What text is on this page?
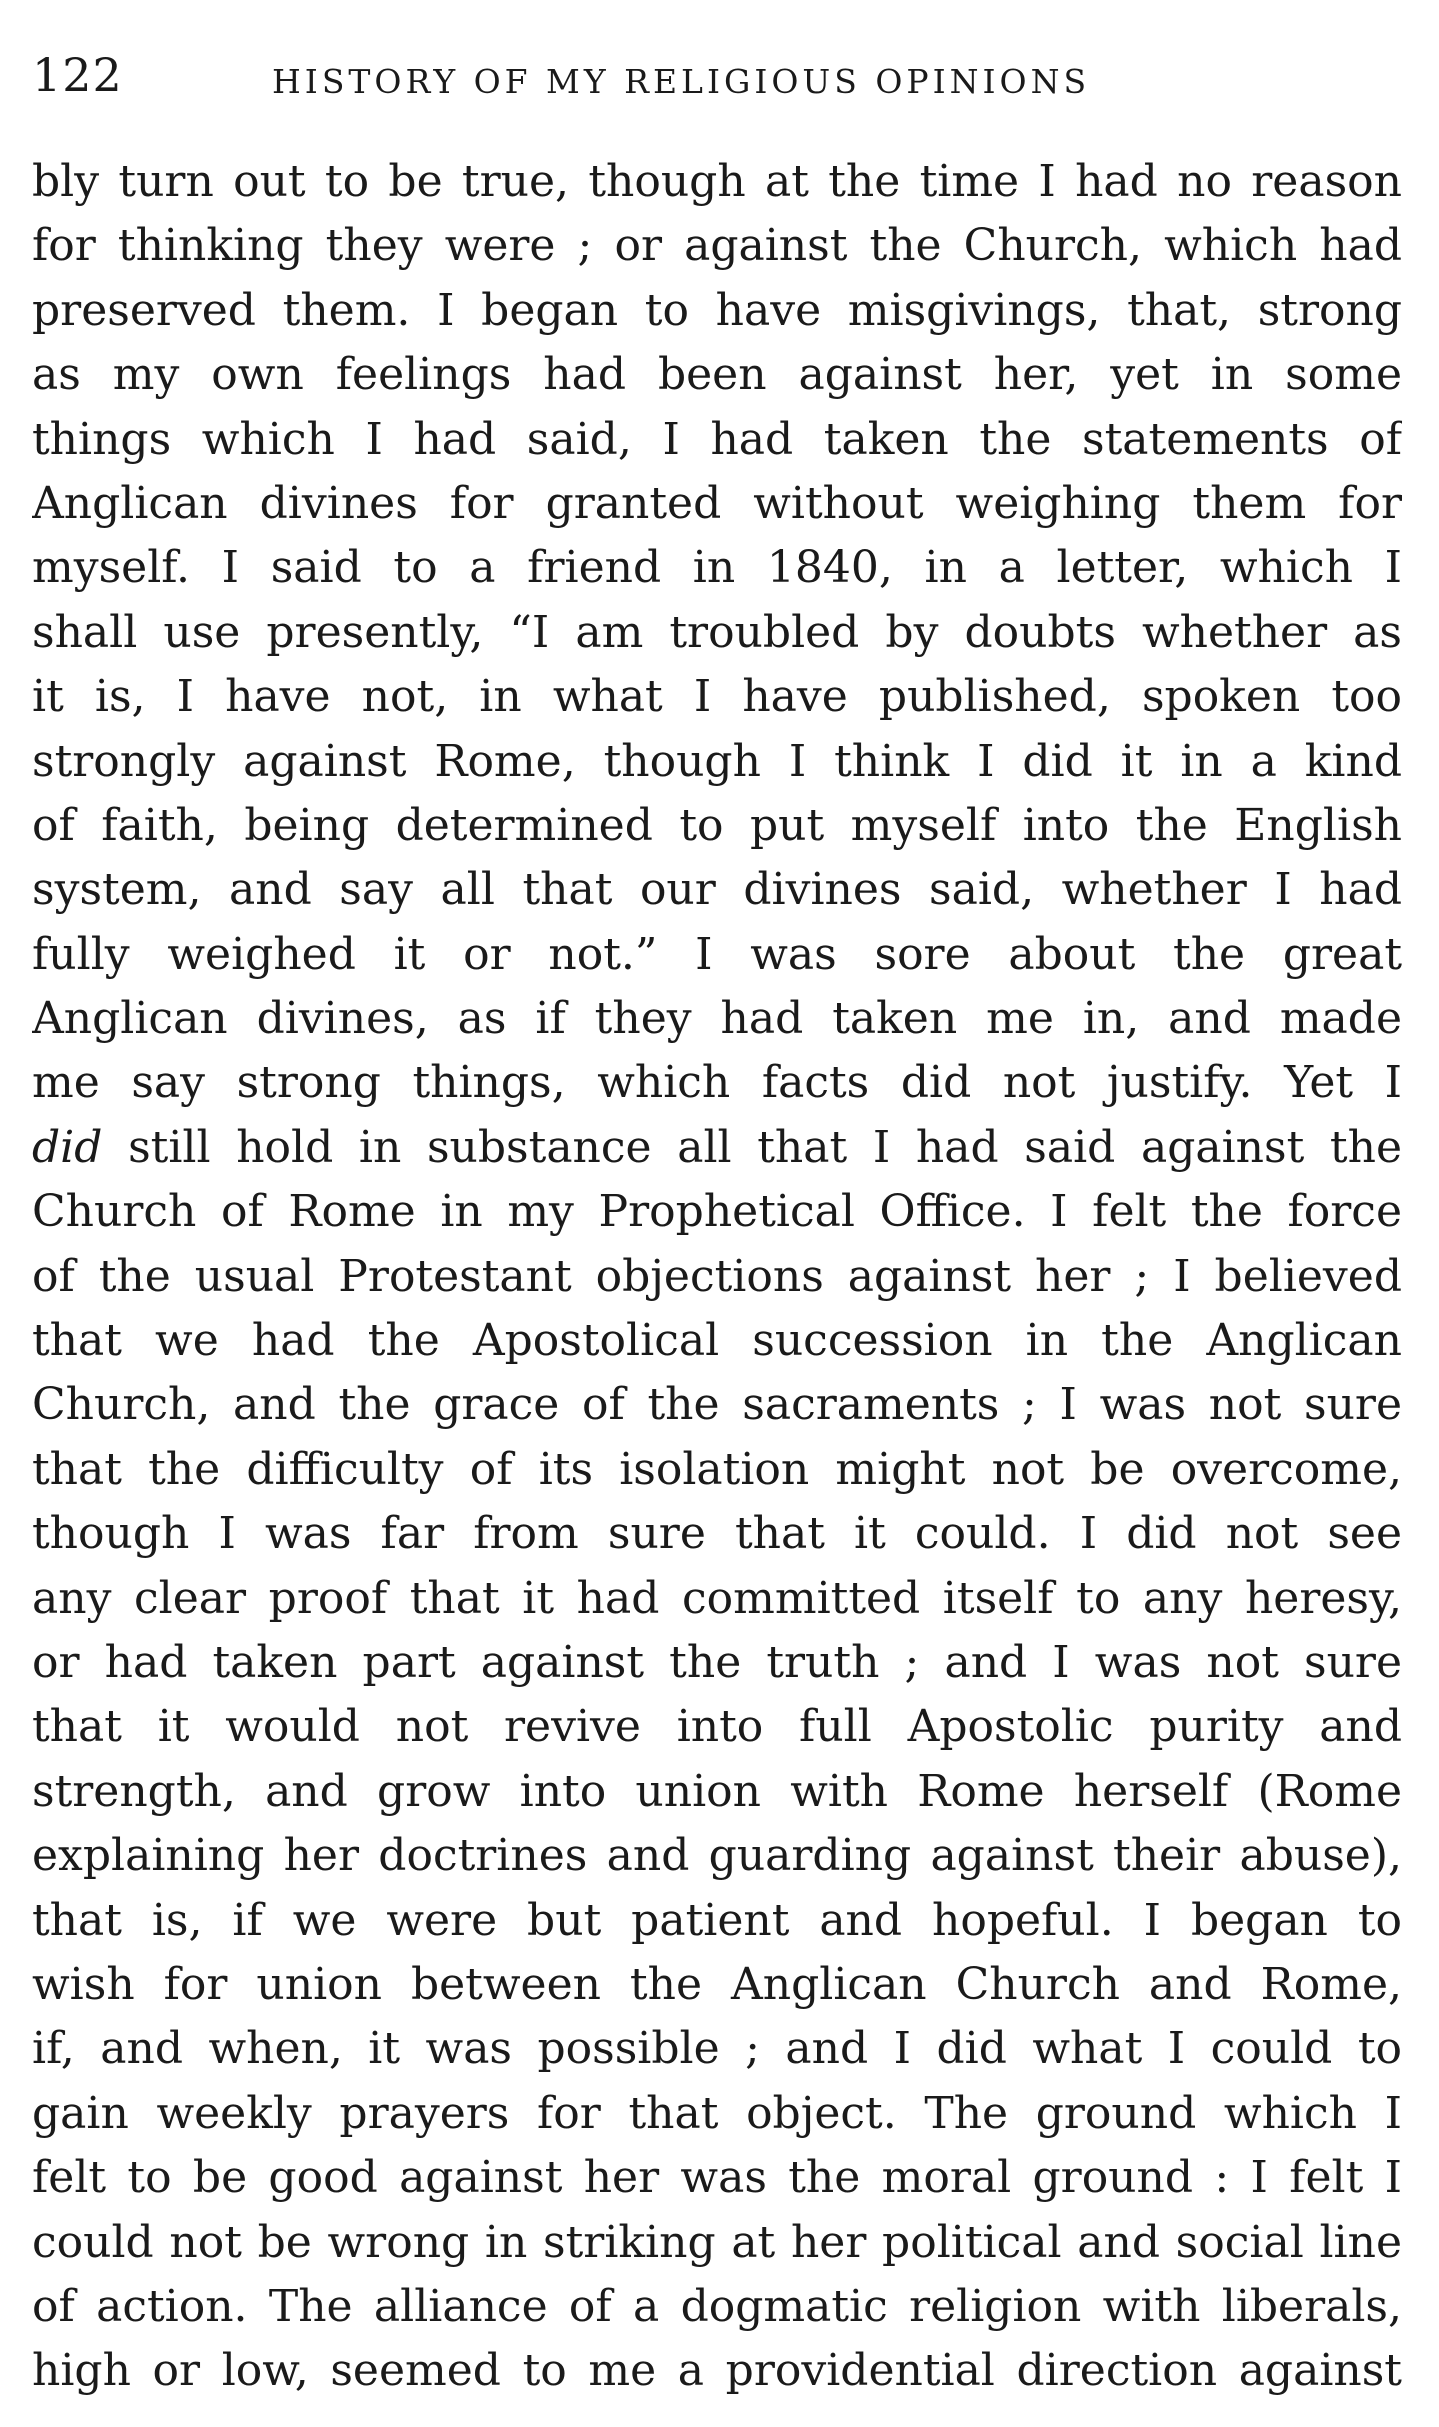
122	HISTORY OF MY RELIGIOUS OPINIONS
bly turn out to be true, though at the time I had no reason
for thinking they were ; or against the Church, which had
preserved them. I began to have misgivings, that, strong
as my own feelings had been against her, yet in some
things which I had said, I had taken the statements of
Anglican divines for granted without weighing them for
myself. I said to a friend in 1840, in a letter, which I
shall use presently, “I am troubled by doubts whether as
it is, I have not, in what I have published, spoken too
strongly against Rome, though I think I did it in a kind
of faith, being determined to put myself into the English
system, and say all that our divines said, whether I had
fully weighed it or not.” I was sore about the great
Anglican divines, as if they had taken me in, and made
me say strong things, which facts did not justify. Yet I
did still hold in substance all that I had said against the
Church of Rome in my Prophetical Office. I felt the force
of the usual Protestant objections against her ; I believed
that we had the Apostolical succession in the Anglican
Church, and the grace of the sacraments ; I was not sure
that the difficulty of its isolation might not be overcome,
though I was far from sure that it could. I did not see
any clear proof that it had committed itself to any heresy,
or had taken part against the truth ; and I was not sure
that it would not revive into full Apostolic purity and
strength, and grow into union with Rome herself (Rome
explaining her doctrines and guarding against their abuse),
that is, if we were but patient and hopeful. I began to
wish for union between the Anglican Church and Rome,
if, and when, it was possible ; and I did what I could to
gain weekly prayers for that object. The ground which I
felt to be good against her was the moral ground : I felt I
could not be wrong in striking at her political and social line
of action. The alliance of a dogmatic religion with liberals,
high or low, seemed to me a providential direction against
